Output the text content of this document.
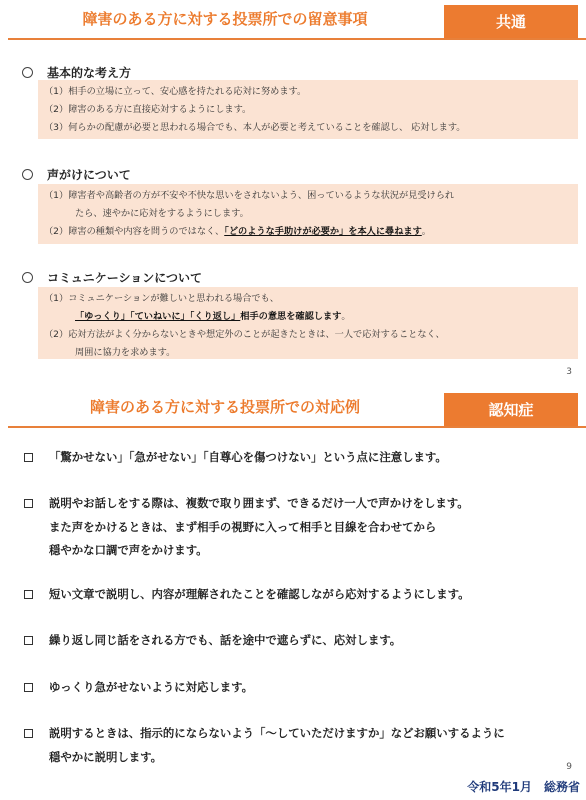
障害のある方に対する投票所での留意事項	共通
基本的な考え方
（1）相手の立場に立って、安心感を持たれる応対に努めます。
（2）障害のある方に直接応対するようにします。
（3）何らかの配慮が必要と思われる場合でも、本人が必要と考えていることを確認し、 応対します。
声がけについて
（1）障害者や高齢者の方が不安や不快な思いをされないよう、困っているような状況が見受けられ
たら、速やかに応対をするようにします。
（2）障害の種類や内容を問うのではなく、「どのような手助けが必要か」を本人に尋ねます。
コミュニケーションについて
（1）コミュニケーションが難しいと思われる場合でも、
「ゆっくり」「ていねいに」「くり返し」相手の意思を確認します。
（2）応対方法がよく分からないときや想定外のことが起きたときは、一人で応対することなく、
周囲に協力を求めます。
3
障害のある方に対する投票所での対応例	認知症
「驚かせない」「急がせない」「自尊心を傷つけない」という点に注意します。
説明やお話しをする際は、複数で取り囲まず、できるだけ一人で声かけをします。
また声をかけるときは、まず相手の視野に入って相手と目線を合わせてから
穏やかな口調で声をかけます。
短い文章で説明し、内容が理解されたことを確認しながら応対するようにします。
繰り返し同じ話をされる方でも、話を途中で遮らずに、応対します。
ゆっくり急がせないように対応します。
説明するときは、指示的にならないよう「〜していただけますか」などお願いするように
穏やかに説明します。
9
令和5年1月　総務省
